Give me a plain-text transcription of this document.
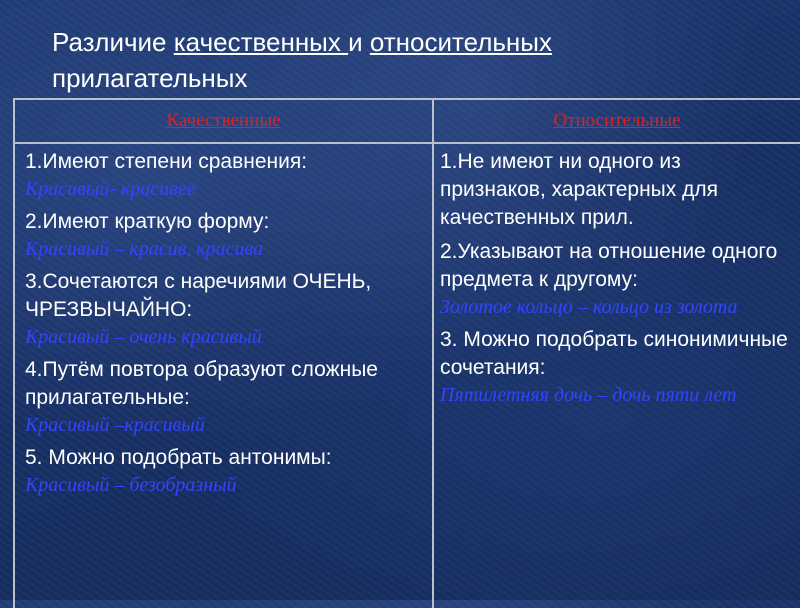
Различие качественных и относительных
прилагательных
Качественные	Относительные
1.Имеют степени сравнения:
Красивый- красивее
2.Имеют краткую форму:
Красивый – красив, красива
3.Сочетаются с наречиями ОЧЕНЬ, ЧРЕЗВЫЧАЙНО:
Красивый – очень красивый
4.Путём повтора образуют сложные прилагательные:
Красивый –красивый
5. Можно подобрать антонимы:
Красивый – безобразный
1.Не имеют ни одного из признаков, характерных для качественных прил.
2.Указывают на отношение одного предмета к другому:
Золотое кольцо – кольцо из золота
3. Можно подобрать синонимичные сочетания:
Пятилетняя дочь – дочь пяти лет
